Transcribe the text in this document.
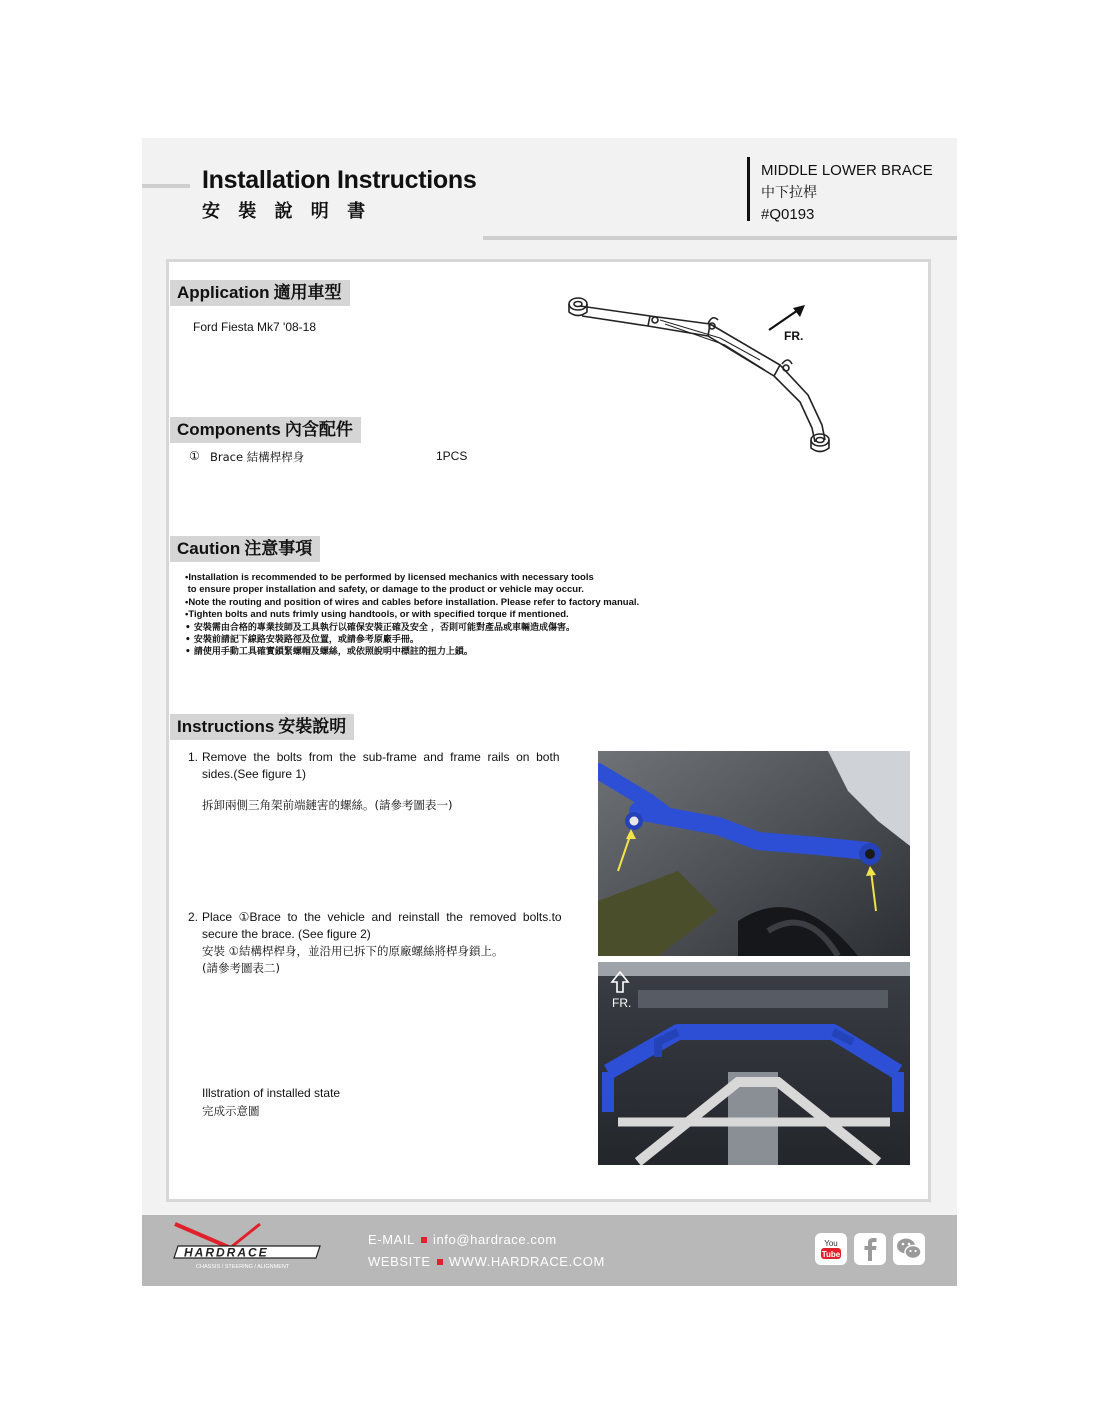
Installation Instructions
安 裝 說 明 書
MIDDLE LOWER BRACE
中下拉桿
#Q0193
Application 適用車型
Ford Fiesta Mk7 '08-18
FR.
Components 內含配件
① Brace 結構桿桿身	1PCS
Caution 注意事項
•Installation is recommended to be performed by licensed mechanics with necessary tools
to ensure proper installation and safety, or damage to the product or vehicle may occur.
•Note the routing and position of wires and cables before installation. Please refer to factory manual.
•Tighten bolts and nuts frimly using handtools, or with specified torque if mentioned.
• 安裝需由合格的專業技師及工具執行以確保安裝正確及安全 ，否則可能對產品或車輛造成傷害。
• 安裝前請記下線路安裝路徑及位置，或請參考原廠手冊。
• 請使用手動工具確實鎖緊螺帽及螺絲，或依照說明中標註的扭力上鎖。
Instructions 安裝說明
1. Remove  the  bolts  from  the  sub-frame  and  frame  rails  on  both
sides.(See figure 1)
拆卸兩側三角架前端鏈害的螺絲。(請參考圖表一)
2. Place  ①Brace  to  the  vehicle  and  reinstall  the  removed  bolts.to
secure the brace. (See figure 2)
安裝 ①結構桿桿身，並沿用已拆下的原廠螺絲將桿身鎖上。
(請參考圖表二)
Illstration of installed state
完成示意圖
FR.
HARDRACE
CHASSIS / STEERING / ALIGNMENT
E-MAIL info@hardrace.com
WEBSITE WWW.HARDRACE.COM
You
Tube
